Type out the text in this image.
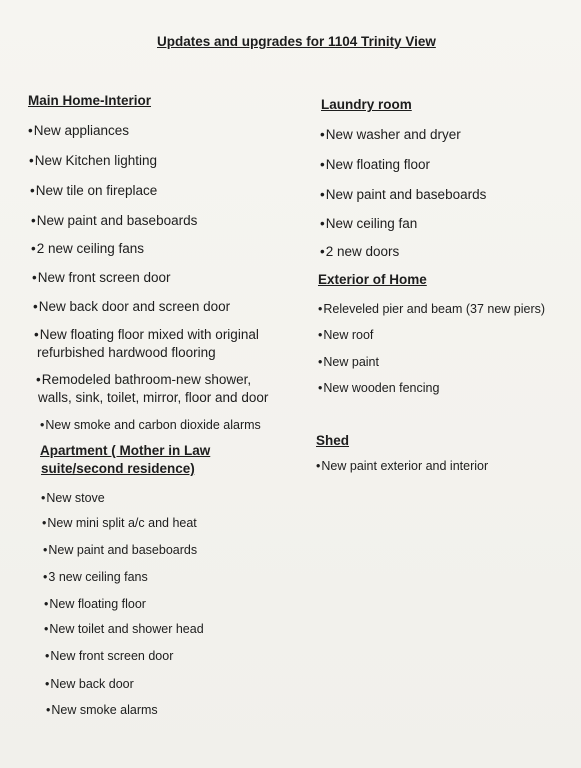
Updates and upgrades for 1104 Trinity View
Main Home-Interior
•New appliances
•New Kitchen lighting
•New tile on fireplace
•New paint and baseboards
•2 new ceiling fans
•New front screen door
•New back door and screen door
•New floating floor mixed with original
refurbished hardwood flooring
•Remodeled bathroom-new shower,
walls, sink, toilet, mirror, floor and door
•New smoke and carbon dioxide alarms
Apartment ( Mother in Law
suite/second residence)
•New stove
•New mini split a/c and heat
•New paint and baseboards
•3 new ceiling fans
•New floating floor
•New toilet and shower head
•New front screen door
•New back door
•New smoke alarms
Laundry room
•New washer and dryer
•New floating floor
•New paint and baseboards
•New ceiling fan
•2 new doors
Exterior of Home
•Releveled pier and beam (37 new piers)
•New roof
•New paint
•New wooden fencing
Shed
•New paint exterior and interior
